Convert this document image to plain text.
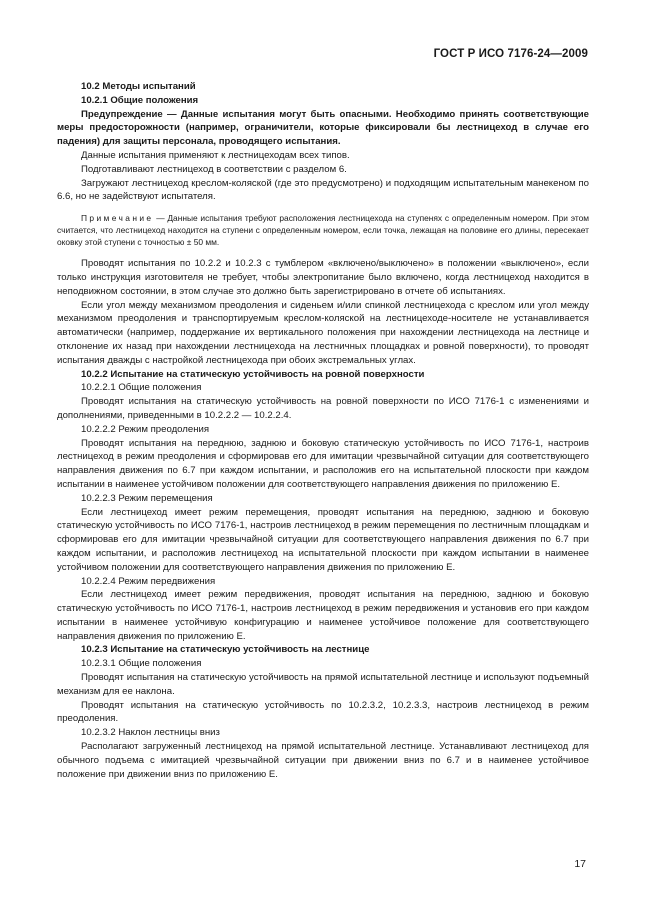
ГОСТ Р ИСО 7176-24—2009

10.2 Методы испытаний

10.2.1 Общие положения

Предупреждение — Данные испытания могут быть опасными. Необходимо принять соответствующие меры предосторожности (например, ограничители, которые фиксировали бы лестницеход в случае его падения) для защиты персонала, проводящего испытания.

Данные испытания применяют к лестницеходам всех типов.

Подготавливают лестницеход в соответствии с разделом 6.

Загружают лестницеход креслом-коляской (где это предусмотрено) и подходящим испытательным манекеном по 6.6, но не задействуют испытателя.

Примечание — Данные испытания требуют расположения лестницехода на ступенях с определенным номером. При этом считается, что лестницеход находится на ступени с определенным номером, если точка, лежащая на половине его длины, пересекает оковку этой ступени с точностью ± 50 мм.

Проводят испытания по 10.2.2 и 10.2.3 с тумблером «включено/выключено» в положении «выключено», если только инструкция изготовителя не требует, чтобы электропитание было включено, когда лестницеход находится в неподвижном состоянии, в этом случае это должно быть зарегистрировано в отчете об испытаниях.

Если угол между механизмом преодоления и сиденьем и/или спинкой лестницехода с креслом или угол между механизмом преодоления и транспортируемым креслом-коляской на лестницеходе-носителе не устанавливается автоматически (например, поддержание их вертикального положения при нахождении лестницехода на лестнице и отклонение их назад при нахождении лестницехода на лестничных площадках и ровной поверхности), то проводят испытания дважды с настройкой лестницехода при обоих экстремальных углах.

10.2.2 Испытание на статическую устойчивость на ровной поверхности

10.2.2.1 Общие положения

Проводят испытания на статическую устойчивость на ровной поверхности по ИСО 7176-1 с изменениями и дополнениями, приведенными в 10.2.2.2 — 10.2.2.4.

10.2.2.2 Режим преодоления

Проводят испытания на переднюю, заднюю и боковую статическую устойчивость по ИСО 7176-1, настроив лестницеход в режим преодоления и сформировав его для имитации чрезвычайной ситуации для соответствующего направления движения по 6.7 при каждом испытании, и расположив его на испытательной плоскости при каждом испытании в наименее устойчивом положении для соответствующего направления движения по приложению Е.

10.2.2.3 Режим перемещения

Если лестницеход имеет режим перемещения, проводят испытания на переднюю, заднюю и боковую статическую устойчивость по ИСО 7176-1, настроив лестницеход в режим перемещения по лестничным площадкам и сформировав его для имитации чрезвычайной ситуации для соответствующего направления движения по 6.7 при каждом испытании, и расположив лестницеход на испытательной плоскости при каждом испытании в наименее устойчивом положении для соответствующего направления движения по приложению Е.

10.2.2.4 Режим передвижения

Если лестницеход имеет режим передвижения, проводят испытания на переднюю, заднюю и боковую статическую устойчивость по ИСО 7176-1, настроив лестницеход в режим передвижения и установив его при каждом испытании в наименее устойчивую конфигурацию и наименее устойчивое положение для соответствующего направления движения по приложению Е.

10.2.3 Испытание на статическую устойчивость на лестнице

10.2.3.1 Общие положения

Проводят испытания на статическую устойчивость на прямой испытательной лестнице и используют подъемный механизм для ее наклона.

Проводят испытания на статическую устойчивость по 10.2.3.2, 10.2.3.3, настроив лестницеход в режим преодоления.

10.2.3.2 Наклон лестницы вниз

Располагают загруженный лестницеход на прямой испытательной лестнице. Устанавливают лестницеход для обычного подъема с имитацией чрезвычайной ситуации при движении вниз по 6.7 и в наименее устойчивое положение при движении вниз по приложению Е.

17
